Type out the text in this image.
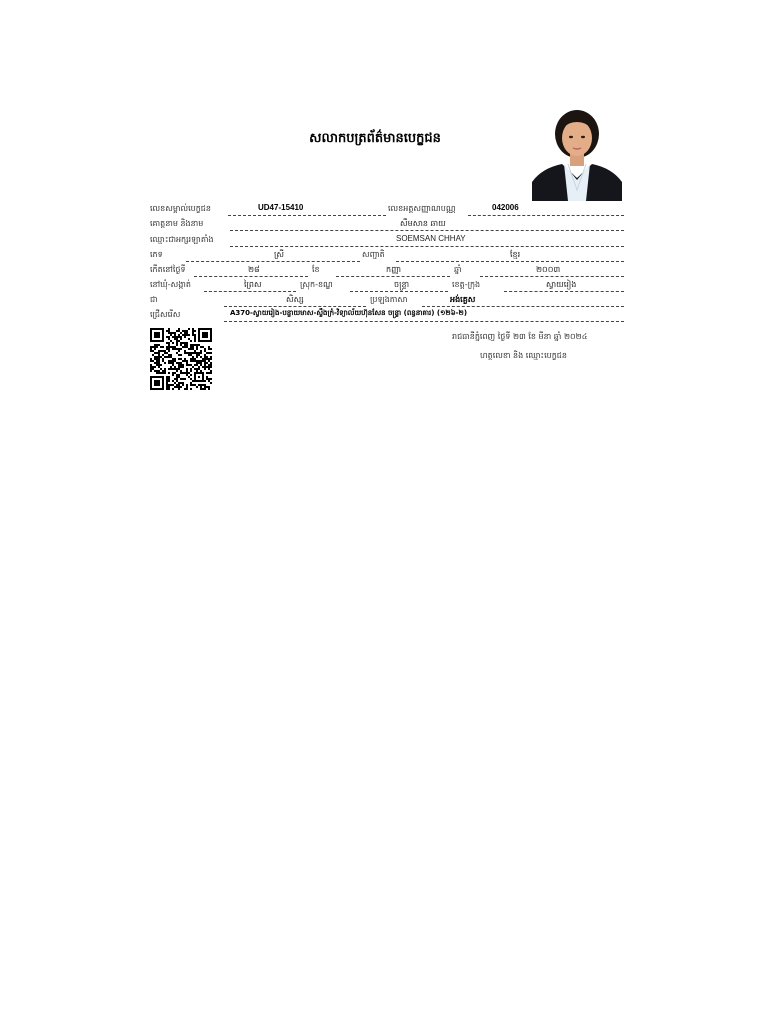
សលាកបត្រព័ត៌មានបេក្ខជន
លេខសម្គាល់បេក្ខជន	UD47-15410	លេខអត្តសញ្ញាណបណ្ណ	042006
គោត្តនាម និងនាម	សឹមសាន ឆាយ
ឈ្មោះជាអក្សរឡាតាំង	SOEMSAN CHHAY
ភេទ	ស្រី	សញ្ជាតិ	ខ្មែរ
កើតនៅថ្ងៃទី	២៨	ខែ	កញ្ញា	ឆ្នាំ	២០០៣
នៅឃុំ-សង្កាត់	ព្រៃស	ស្រុក-ខណ្ឌ	ចន្ទ្រា	ខេត្ត-ក្រុង	ស្វាយរៀង
ជា	សិស្ស	ប្រឡងភាសា	អង់គ្លេស
ជ្រើសរើស	A370-ស្វាយរៀង-បន្ទាយមាស-ស្ទឹងក្រំ-វិទ្យាល័យហ៊ុនសែន ចន្ទ្រា (ពន្ធនាគារ) (១២៦-២)
រាជធានីភ្នំពេញ ថ្ងៃទី ២៣ ខែ មីនា ឆ្នាំ ២០២៤
ហត្ថលេខា និង ឈ្មោះបេក្ខជន
